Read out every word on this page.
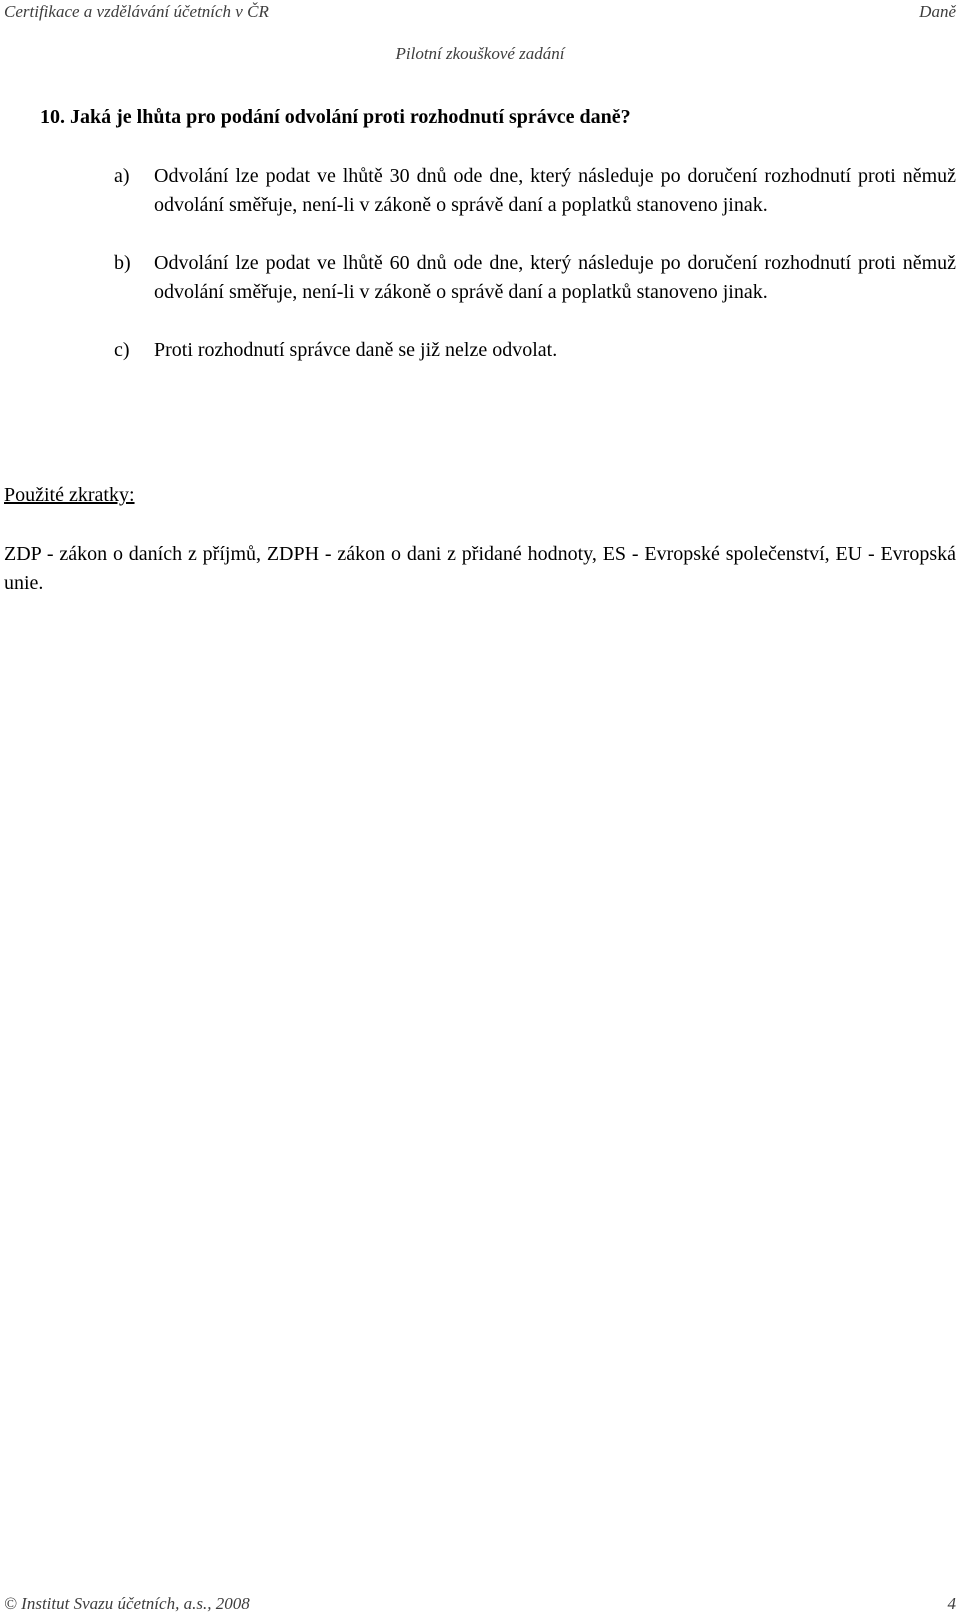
Certifikace a vzdělávání účetních v ČR	Daně
Pilotní zkouškové zadání
10. Jaká je lhůta pro podání odvolání proti rozhodnutí správce daně?
a)	Odvolání lze podat ve lhůtě 30 dnů ode dne, který následuje po doručení rozhodnutí proti němuž odvolání směřuje, není-li v zákoně o správě daní a poplatků stanoveno jinak.
b)	Odvolání lze podat ve lhůtě 60 dnů ode dne, který následuje po doručení rozhodnutí proti němuž odvolání směřuje, není-li v zákoně o správě daní a poplatků stanoveno jinak.
c)	Proti rozhodnutí správce daně se již nelze odvolat.
Použité zkratky:
ZDP - zákon o daních z příjmů, ZDPH - zákon o dani z přidané hodnoty, ES - Evropské společenství, EU - Evropská unie.
© Institut Svazu účetních, a.s., 2008	4
